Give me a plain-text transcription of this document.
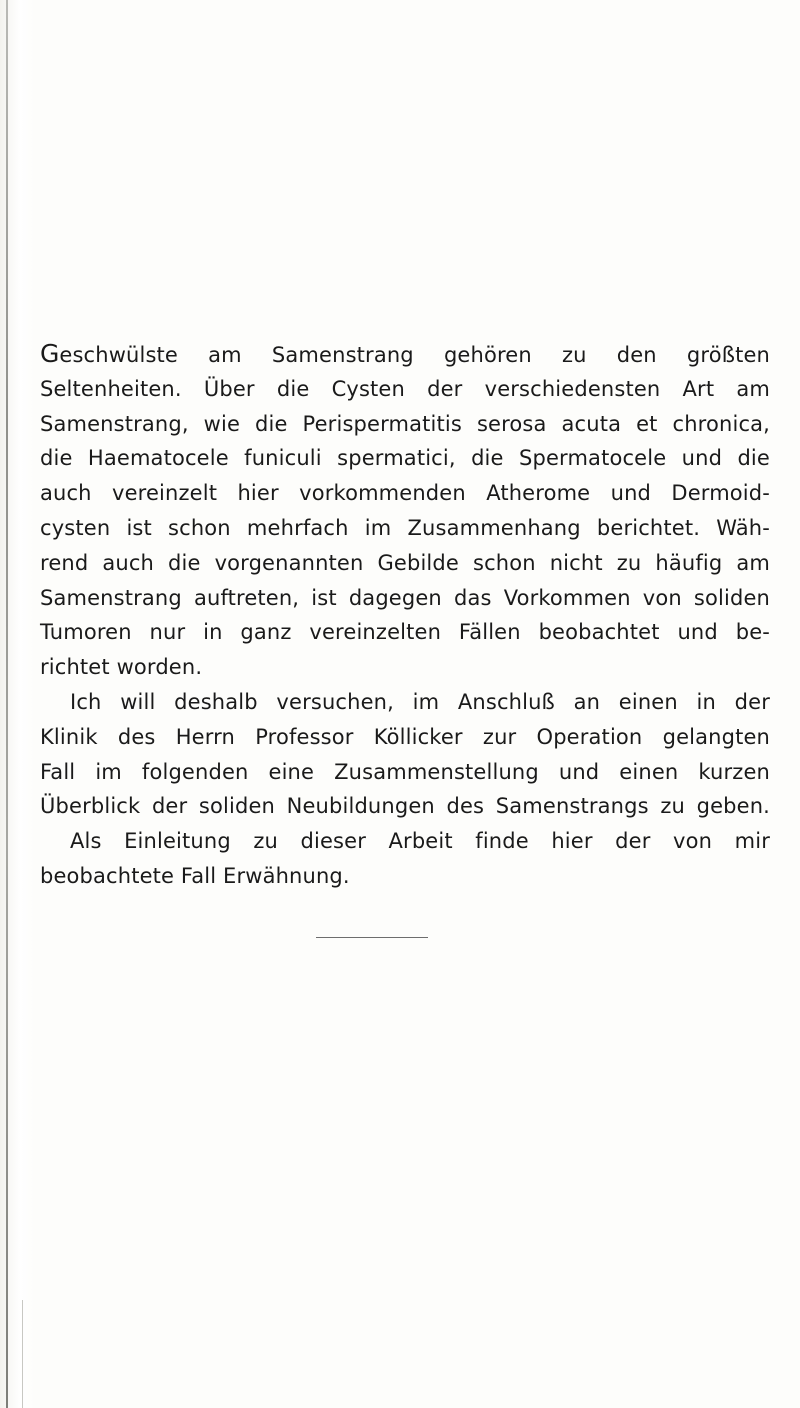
Geschwülste am Samenstrang gehören zu den größten
Seltenheiten. Über die Cysten der verschiedensten Art am
Samenstrang, wie die Perispermatitis serosa acuta et chronica,
die Haematocele funiculi spermatici, die Spermatocele und die
auch vereinzelt hier vorkommenden Atherome und Dermoid-
cysten ist schon mehrfach im Zusammenhang berichtet. Wäh-
rend auch die vorgenannten Gebilde schon nicht zu häufig am
Samenstrang auftreten, ist dagegen das Vorkommen von soliden
Tumoren nur in ganz vereinzelten Fällen beobachtet und be-
richtet worden.
Ich will deshalb versuchen, im Anschluß an einen in der
Klinik des Herrn Professor Köllicker zur Operation gelangten
Fall im folgenden eine Zusammenstellung und einen kurzen
Überblick der soliden Neubildungen des Samenstrangs zu geben.
Als Einleitung zu dieser Arbeit finde hier der von mir
beobachtete Fall Erwähnung.
